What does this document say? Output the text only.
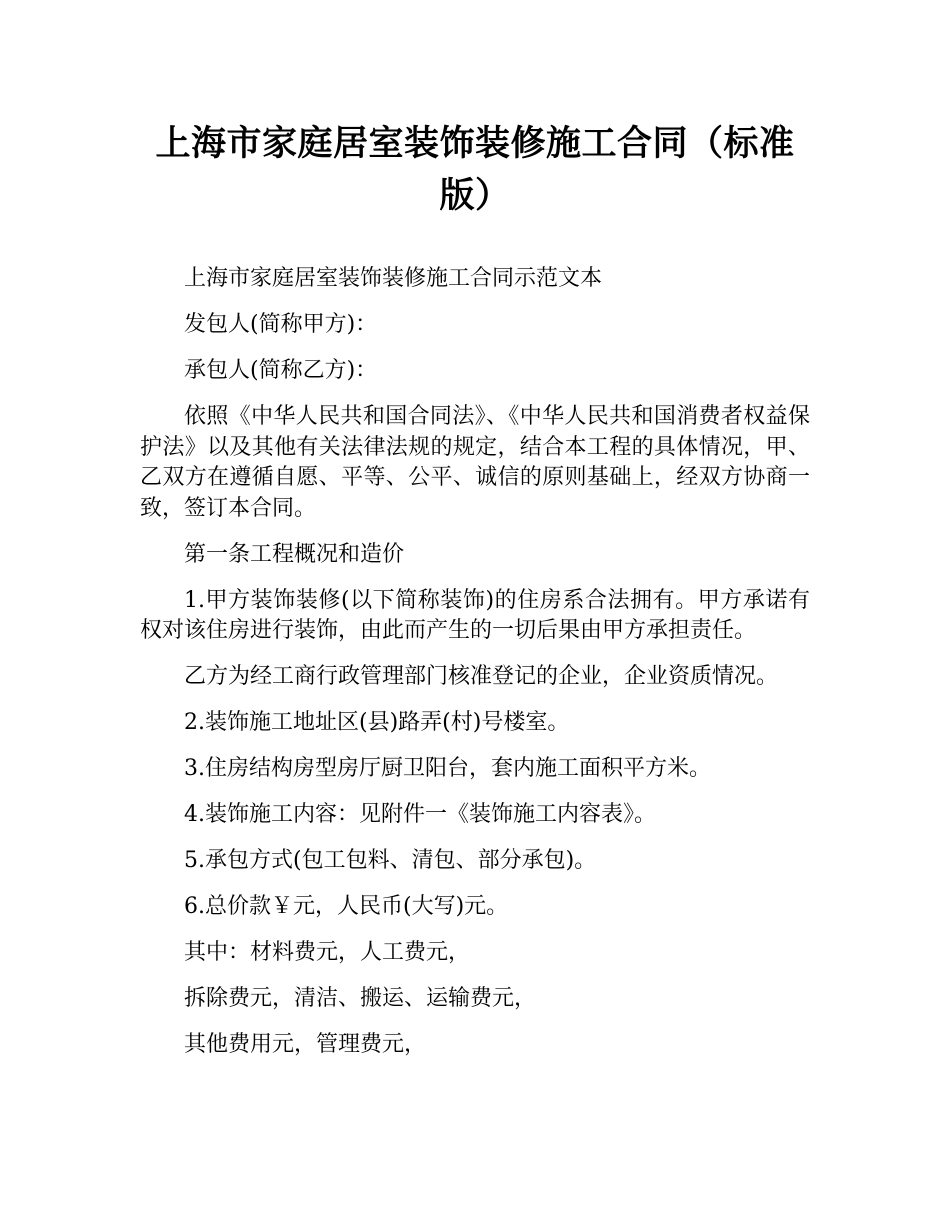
上海市家庭居室装饰装修施工合同（标准版）

上海市家庭居室装饰装修施工合同示范文本

发包人(简称甲方)：

承包人(简称乙方)：

依照《中华人民共和国合同法》、《中华人民共和国消费者权益保护法》以及其他有关法律法规的规定，结合本工程的具体情况，甲、乙双方在遵循自愿、平等、公平、诚信的原则基础上，经双方协商一致，签订本合同。

第一条工程概况和造价

1.甲方装饰装修(以下简称装饰)的住房系合法拥有。甲方承诺有权对该住房进行装饰，由此而产生的一切后果由甲方承担责任。

乙方为经工商行政管理部门核准登记的企业，企业资质情况。

2.装饰施工地址区(县)路弄(村)号楼室。

3.住房结构房型房厅厨卫阳台，套内施工面积平方米。

4.装饰施工内容：见附件一《装饰施工内容表》。

5.承包方式(包工包料、清包、部分承包)。

6.总价款￥元，人民币(大写)元。

其中：材料费元，人工费元，

拆除费元，清洁、搬运、运输费元，

其他费用元，管理费元，
